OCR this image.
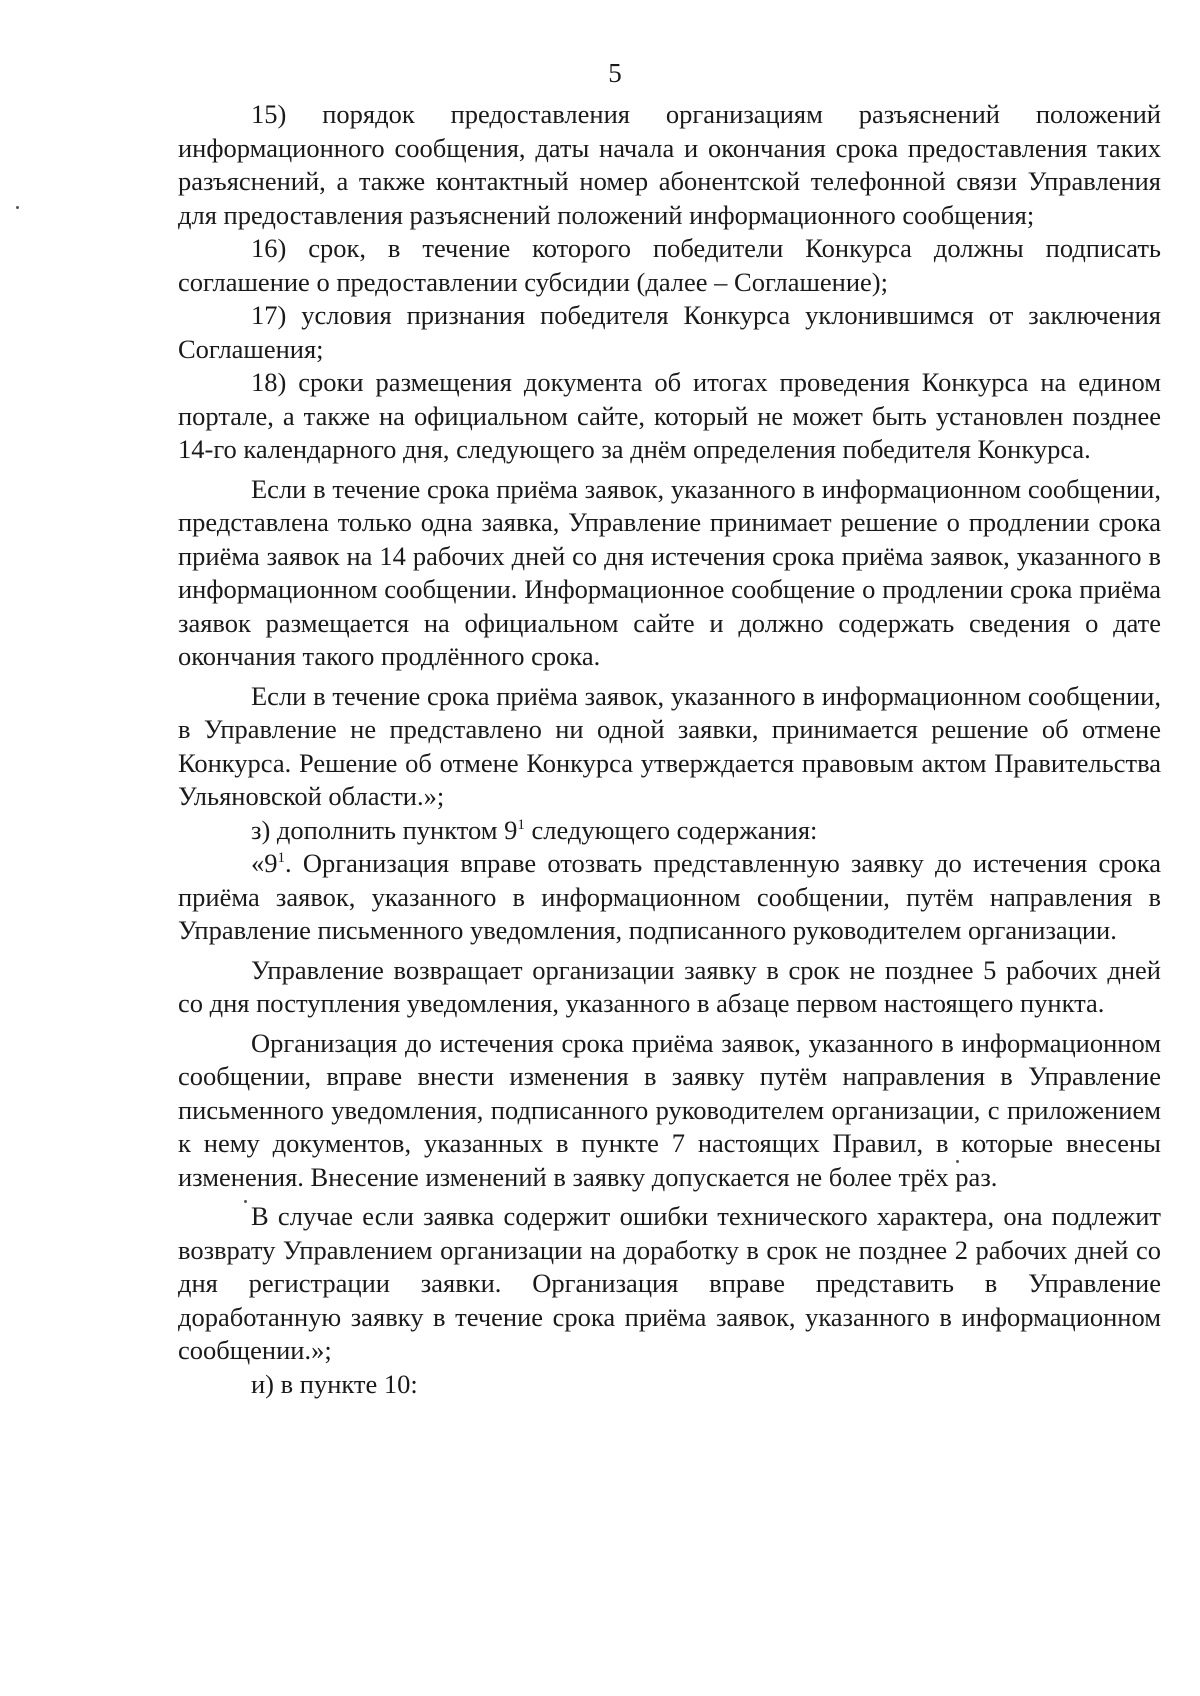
5

15) порядок предоставления организациям разъяснений положений информационного сообщения, даты начала и окончания срока предоставления таких разъяснений, а также контактный номер абонентской телефонной связи Управления для предоставления разъяснений положений информационного сообщения;

16) срок, в течение которого победители Конкурса должны подписать соглашение о предоставлении субсидии (далее – Соглашение);

17) условия признания победителя Конкурса уклонившимся от заключения Соглашения;

18) сроки размещения документа об итогах проведения Конкурса на едином портале, а также на официальном сайте, который не может быть установлен позднее 14-го календарного дня, следующего за днём определения победителя Конкурса.

Если в течение срока приёма заявок, указанного в информационном сообщении, представлена только одна заявка, Управление принимает решение о продлении срока приёма заявок на 14 рабочих дней со дня истечения срока приёма заявок, указанного в информационном сообщении. Информационное сообщение о продлении срока приёма заявок размещается на официальном сайте и должно содержать сведения о дате окончания такого продлённого срока.

Если в течение срока приёма заявок, указанного в информационном сообщении, в Управление не представлено ни одной заявки, принимается решение об отмене Конкурса. Решение об отмене Конкурса утверждается правовым актом Правительства Ульяновской области.»;

з) дополнить пунктом $9^1$ следующего содержания:

«$9^1$. Организация вправе отозвать представленную заявку до истечения срока приёма заявок, указанного в информационном сообщении, путём направления в Управление письменного уведомления, подписанного руководителем организации.

Управление возвращает организации заявку в срок не позднее 5 рабочих дней со дня поступления уведомления, указанного в абзаце первом настоящего пункта.

Организация до истечения срока приёма заявок, указанного в информационном сообщении, вправе внести изменения в заявку путём направления в Управление письменного уведомления, подписанного руководителем организации, с приложением к нему документов, указанных в пункте 7 настоящих Правил, в которые внесены изменения. Внесение изменений в заявку допускается не более трёх раз.

В случае если заявка содержит ошибки технического характера, она подлежит возврату Управлением организации на доработку в срок не позднее 2 рабочих дней со дня регистрации заявки. Организация вправе представить в Управление доработанную заявку в течение срока приёма заявок, указанного в информационном сообщении.»;

и) в пункте 10:
